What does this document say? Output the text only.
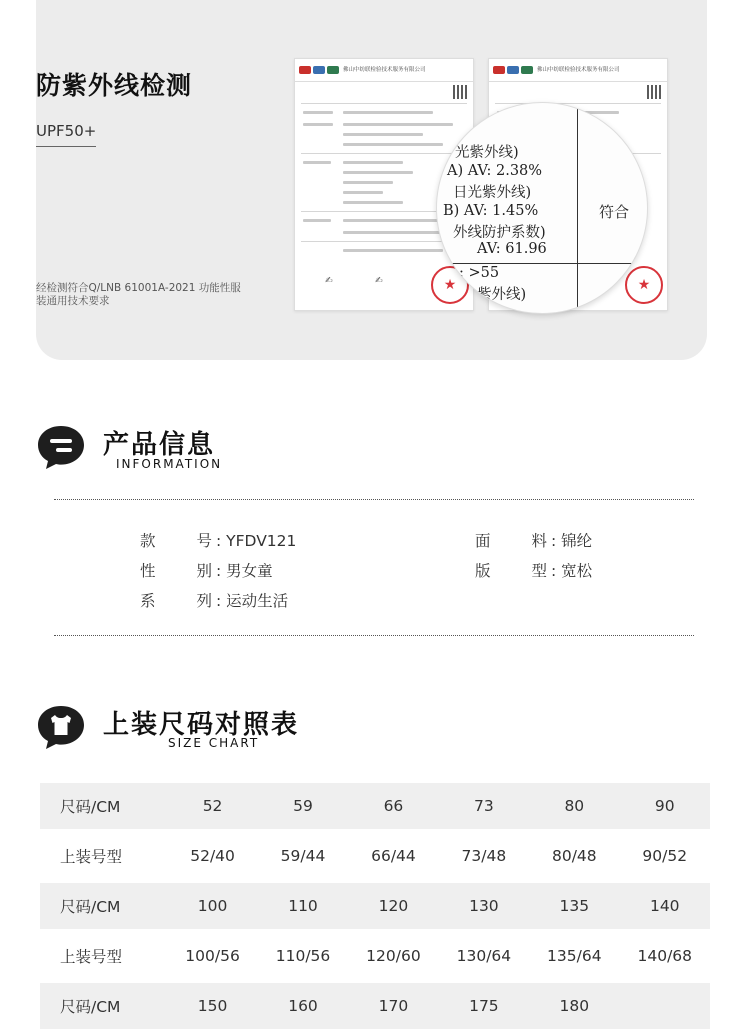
防紫外线检测
UPF50+
经检测符合Q/LNB 61001A-2021 功能性服装通用技术要求
佛山中纺联检验技术服务有限公司
✍	✍	★
佛山中纺联检验技术服务有限公司
★
光紫外线)
A) AV: 2.38%
日光紫外线)
B) AV: 1.45%
外线防护系数)
AV: 61.96
: >55
紫外线)
符合
产品信息
INFORMATION
款　号 : YFDV121	面　料 : 锦纶
性　别 : 男女童	版　型 : 宽松
系　列 : 运动生活
上装尺码对照表
SIZE CHART
尺码/CM	52	59	66	73	80	90
上装号型	52/40	59/44	66/44	73/48	80/48	90/52
尺码/CM	100	110	120	130	135	140
上装号型	100/56	110/56	120/60	130/64	135/64	140/68
尺码/CM	150	160	170	175	180
